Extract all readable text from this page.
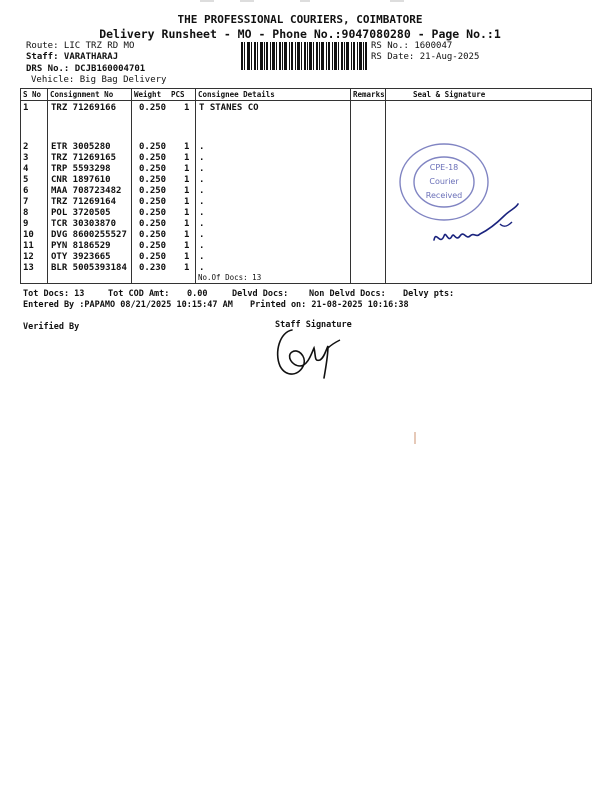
THE PROFESSIONAL COURIERS, COIMBATORE
Delivery Runsheet - MO - Phone No.:9047080280 - Page No.:1
Route: LIC TRZ RD MO
Staff: VARATHARAJ
DRS No.: DCJB160004701
Vehicle: Big Bag Delivery
RS No.: 1600047
RS Date: 21-Aug-2025
S No Consignment No	Weight PCS Consignee Details	Remarks	Seal & Signature
1	TRZ 71269166	0.250 1 T STANES CO
2	ETR 3005280	0.250 1 .
3	TRZ 71269165	0.250 1 .
4	TRP 5593298	0.250 1 .
5	CNR 1897610	0.250 1 .
6	MAA 708723482 0.250 1 .
7	TRZ 71269164	0.250 1 .
8	POL 3720505	0.250 1 .
9	TCR 30303870	0.250 1 .
10 DVG 8600255527 0.250 1 .
11 PYN 8186529	0.250 1 .
12 OTY 3923665	0.250 1 .
13 BLR 5005393184 0.230 1 .
No.Of Docs: 13
CPE-18
Courier
Received
Tot Docs: 13	Tot COD Amt: 0.00	Delvd Docs: Non Delvd Docs: Delvy pts:
Entered By :PAPAMO 08/21/2025 10:15:47 AM Printed on: 21-08-2025 10:16:38
Verified By	Staff Signature
